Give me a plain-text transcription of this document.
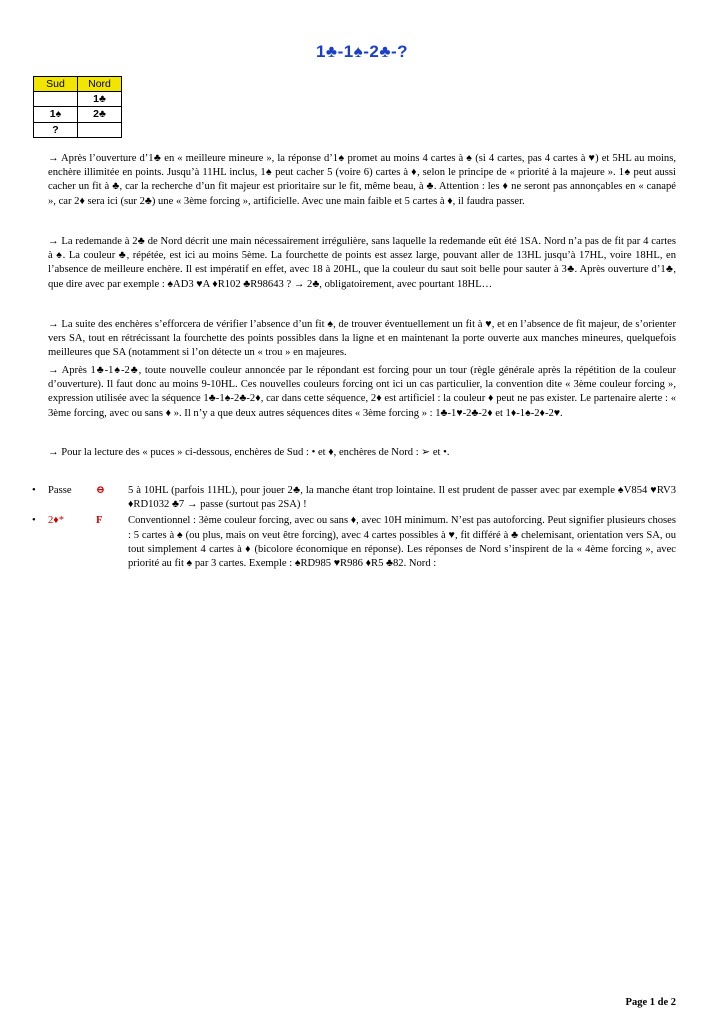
1♣-1♠-2♣-?
Sud	Nord
	1♣
1♠	2♣
?	
→ Après l’ouverture d’1♣ en « meilleure mineure », la réponse d’1♠ promet au moins 4 cartes à ♠ (si 4 cartes, pas 4 cartes à ♥) et 5HL au moins, enchère illimitée en points. Jusqu’à 11HL inclus, 1♠ peut cacher 5 (voire 6) cartes à ♦, selon le principe de « priorité à la majeure ». 1♠ peut aussi cacher un fit à ♣, car la recherche d’un fit majeur est prioritaire sur le fit, même beau, à ♣. Attention : les ♦ ne seront pas annonçables en « canapé », car 2♦ sera ici (sur 2♣) une « 3ème forcing », artificielle. Avec une main faible et 5 cartes à ♦, il faudra passer.
→ La redemande à 2♣ de Nord décrit une main nécessairement irrégulière, sans laquelle la redemande eût été 1SA. Nord n’a pas de fit par 4 cartes à ♠. La couleur ♣, répétée, est ici au moins 5ème. La fourchette de points est assez large, pouvant aller de 13HL jusqu’à 17HL, voire 18HL, en l’absence de meilleure enchère. Il est impératif en effet, avec 18 à 20HL, que la couleur du saut soit belle pour sauter à 3♣. Après ouverture d’1♣, que dire avec par exemple : ♠AD3 ♥A ♦R102 ♣R98643 ? → 2♣, obligatoirement, avec pourtant 18HL…
→ La suite des enchères s’efforcera de vérifier l’absence d’un fit ♠, de trouver éventuellement un fit à ♥, et en l’absence de fit majeur, de s’orienter vers SA, tout en rétrécissant la fourchette des points possibles dans la ligne et en maintenant la porte ouverte aux manches mineures, quelquefois meilleures que SA (notamment si l’on détecte un « trou » en majeures.
→ Après 1♣-1♠-2♣, toute nouvelle couleur annoncée par le répondant est forcing pour un tour (règle générale après la répétition de la couleur d’ouverture). Il faut donc au moins 9-10HL. Ces nouvelles couleurs forcing ont ici un cas particulier, la convention dite « 3ème couleur forcing », expression utilisée avec la séquence 1♣-1♠-2♣-2♦, car dans cette séquence, 2♦ est artificiel : la couleur ♦ peut ne pas exister. Le partenaire alerte : « 3ème forcing, avec ou sans ♦ ». Il n’y a que deux autres séquences dites « 3ème forcing » : 1♣-1♥-2♣-2♦ et 1♦-1♠-2♦-2♥.
→ Pour la lecture des « puces » ci-dessous, enchères de Sud : • et ♦, enchères de Nord : ➢ et •.
• Passe ⊖ 5 à 10HL (parfois 11HL), pour jouer 2♣, la manche étant trop lointaine. Il est prudent de passer avec par exemple ♠V854 ♥RV3 ♦RD1032 ♣7 → passe (surtout pas 2SA) !
• 2♦*	F Conventionnel : 3ème couleur forcing, avec ou sans ♦, avec 10H minimum. N’est pas autoforcing. Peut signifier plusieurs choses : 5 cartes à ♠ (ou plus, mais on veut être forcing), avec 4 cartes possibles à ♥, fit différé à ♣ chelemisant, orientation vers SA, ou tout simplement 4 cartes à ♦ (bicolore économique en réponse). Les réponses de Nord s’inspirent de la « 4ème forcing », avec priorité au fit ♠ par 3 cartes. Exemple : ♠RD985 ♥R986 ♦R5 ♣82. Nord :
Page 1 de 2
